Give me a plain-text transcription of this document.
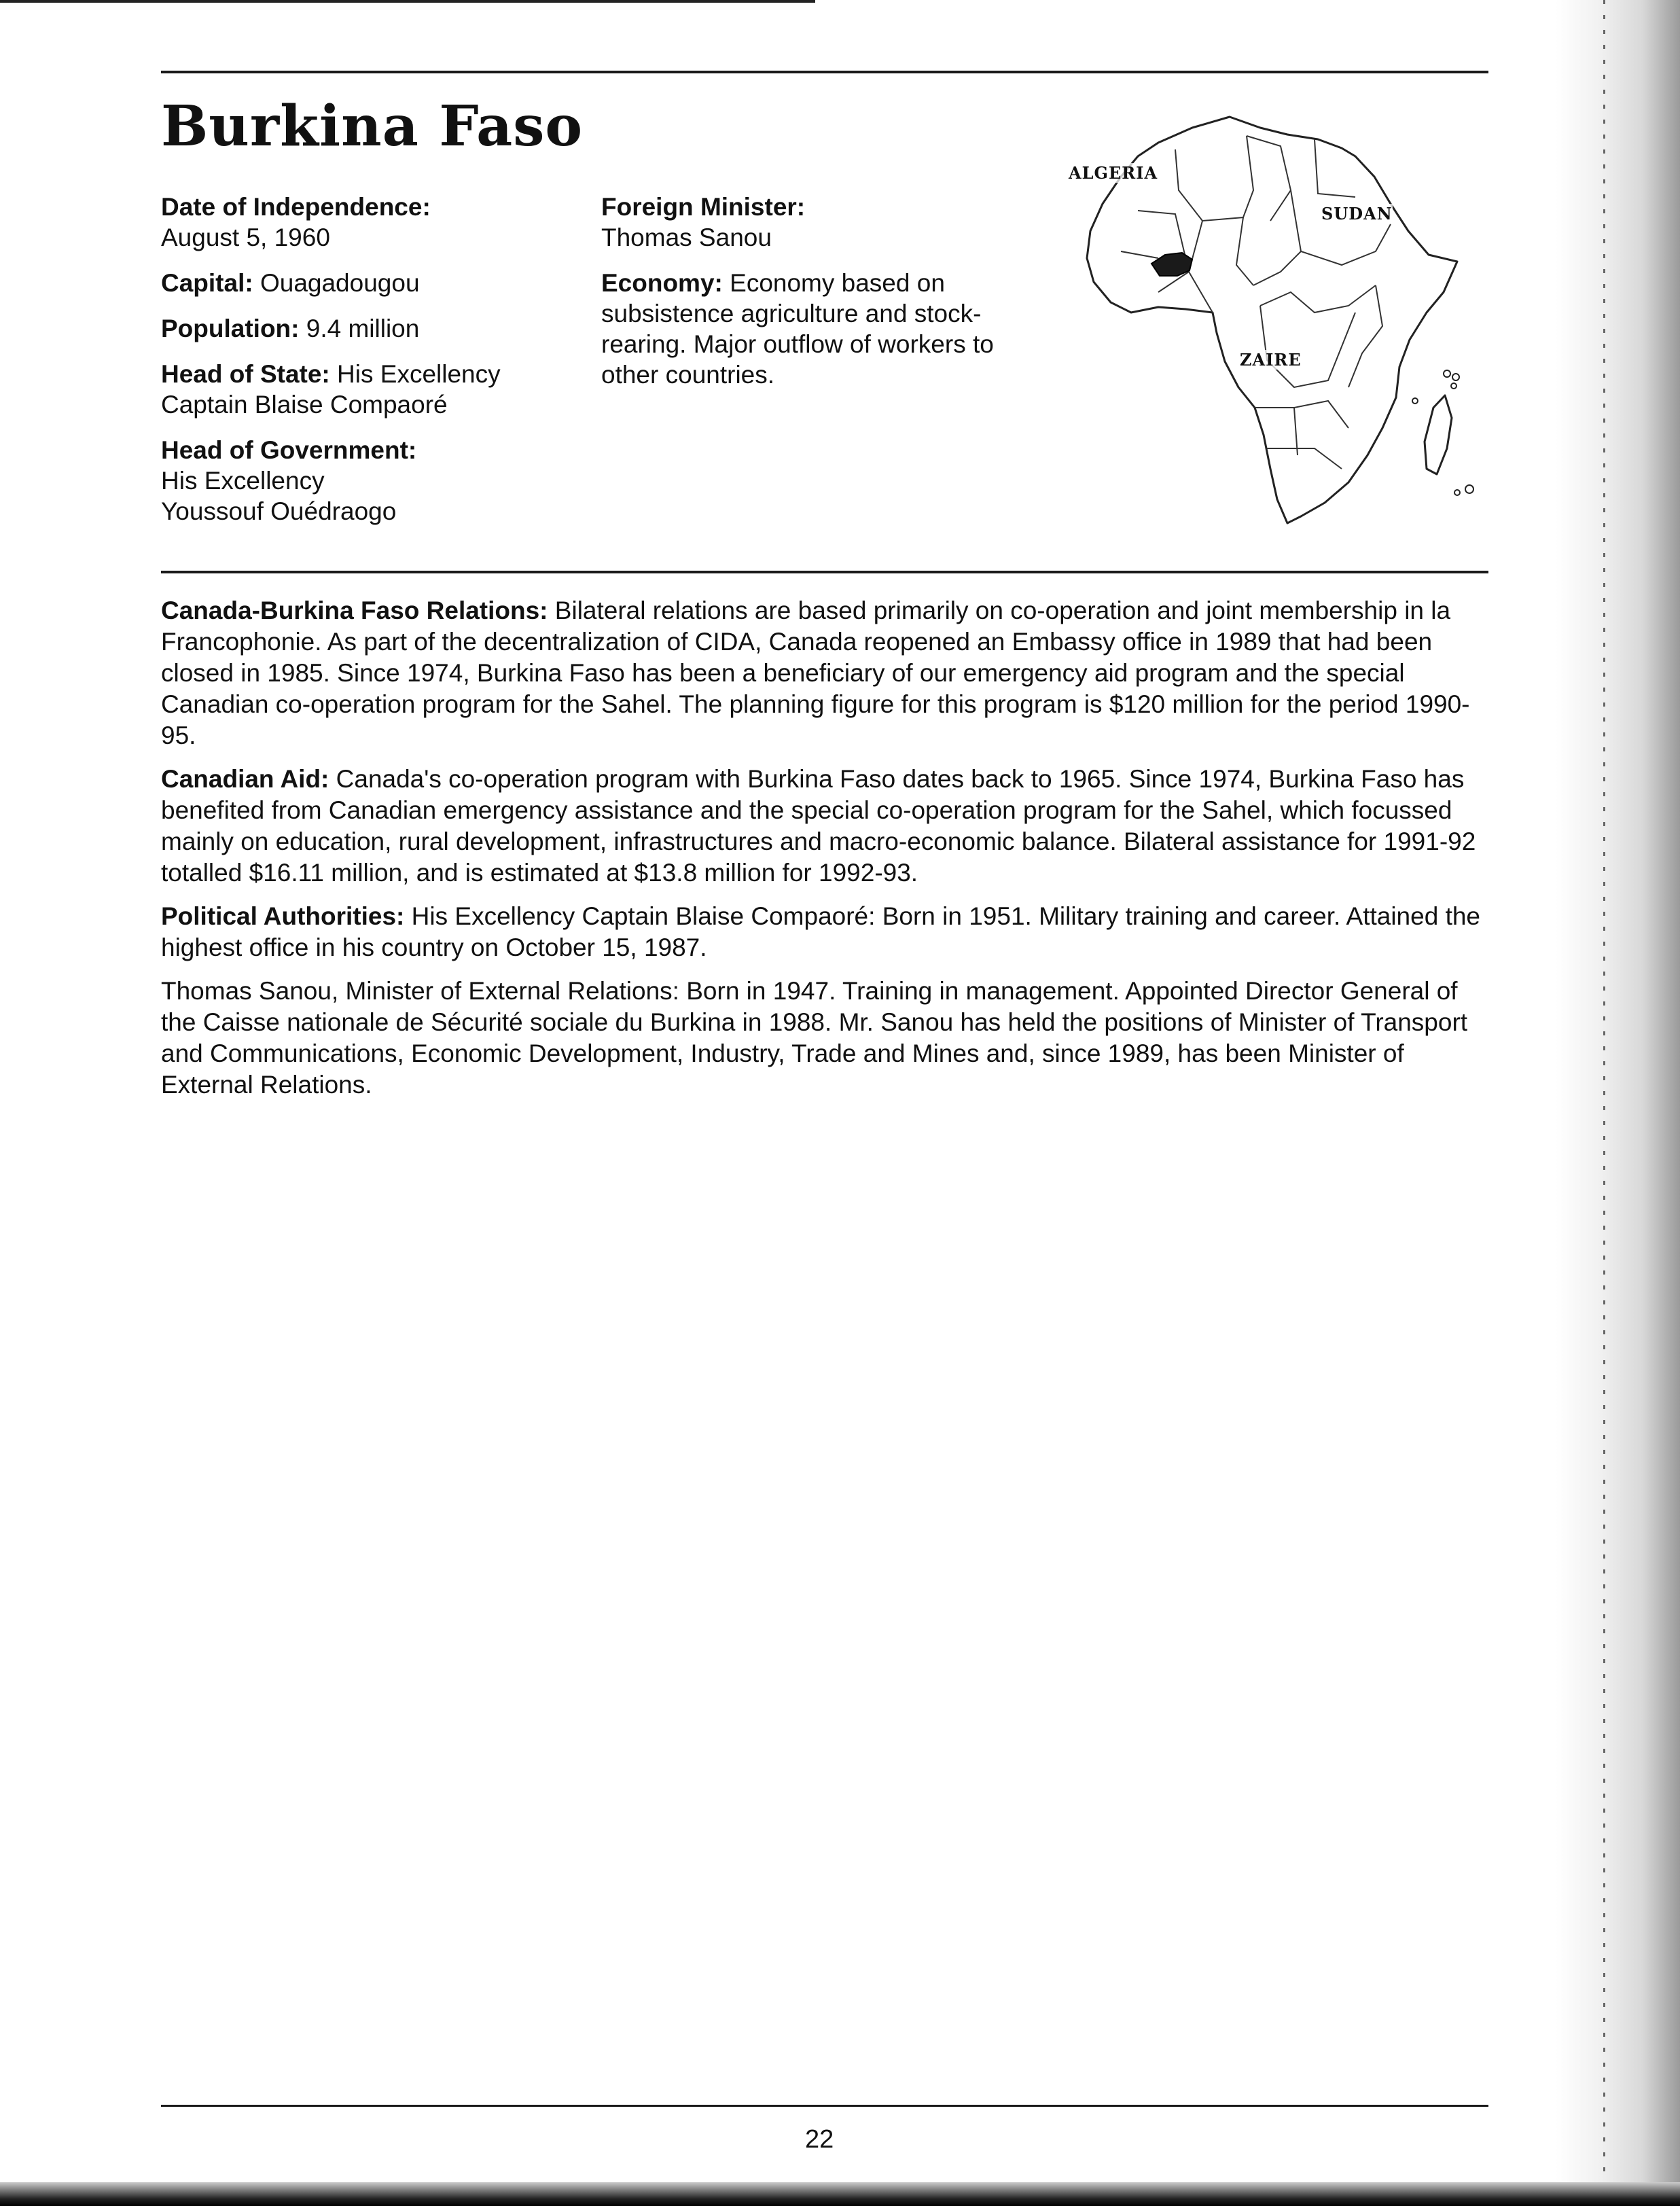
Burkina Faso
Date of Independence:
August 5, 1960
Capital: Ouagadougou
Population: 9.4 million
Head of State: His Excellency
Captain Blaise Compaoré
Head of Government:
His Excellency
Youssouf Ouédraogo
Foreign Minister:
Thomas Sanou
Economy: Economy based on subsistence agriculture and stock-rearing. Major outflow of workers to other countries.
ALGERIA
SUDAN
ZAIRE

Canada-Burkina Faso Relations: Bilateral relations are based primarily on co-operation and joint membership in la Francophonie. As part of the decentralization of CIDA, Canada reopened an Embassy office in 1989 that had been closed in 1985. Since 1974, Burkina Faso has been a beneficiary of our emergency aid program and the special Canadian co-operation program for the Sahel. The planning figure for this program is $120 million for the period 1990-95.

Canadian Aid: Canada's co-operation program with Burkina Faso dates back to 1965. Since 1974, Burkina Faso has benefited from Canadian emergency assistance and the special co-operation program for the Sahel, which focussed mainly on education, rural development, infrastructures and macro-economic balance. Bilateral assistance for 1991-92 totalled $16.11 million, and is estimated at $13.8 million for 1992-93.

Political Authorities: His Excellency Captain Blaise Compaoré: Born in 1951. Military training and career. Attained the highest office in his country on October 15, 1987.

Thomas Sanou, Minister of External Relations: Born in 1947. Training in management. Appointed Director General of the Caisse nationale de Sécurité sociale du Burkina in 1988. Mr. Sanou has held the positions of Minister of Transport and Communications, Economic Development, Industry, Trade and Mines and, since 1989, has been Minister of External Relations.

22
